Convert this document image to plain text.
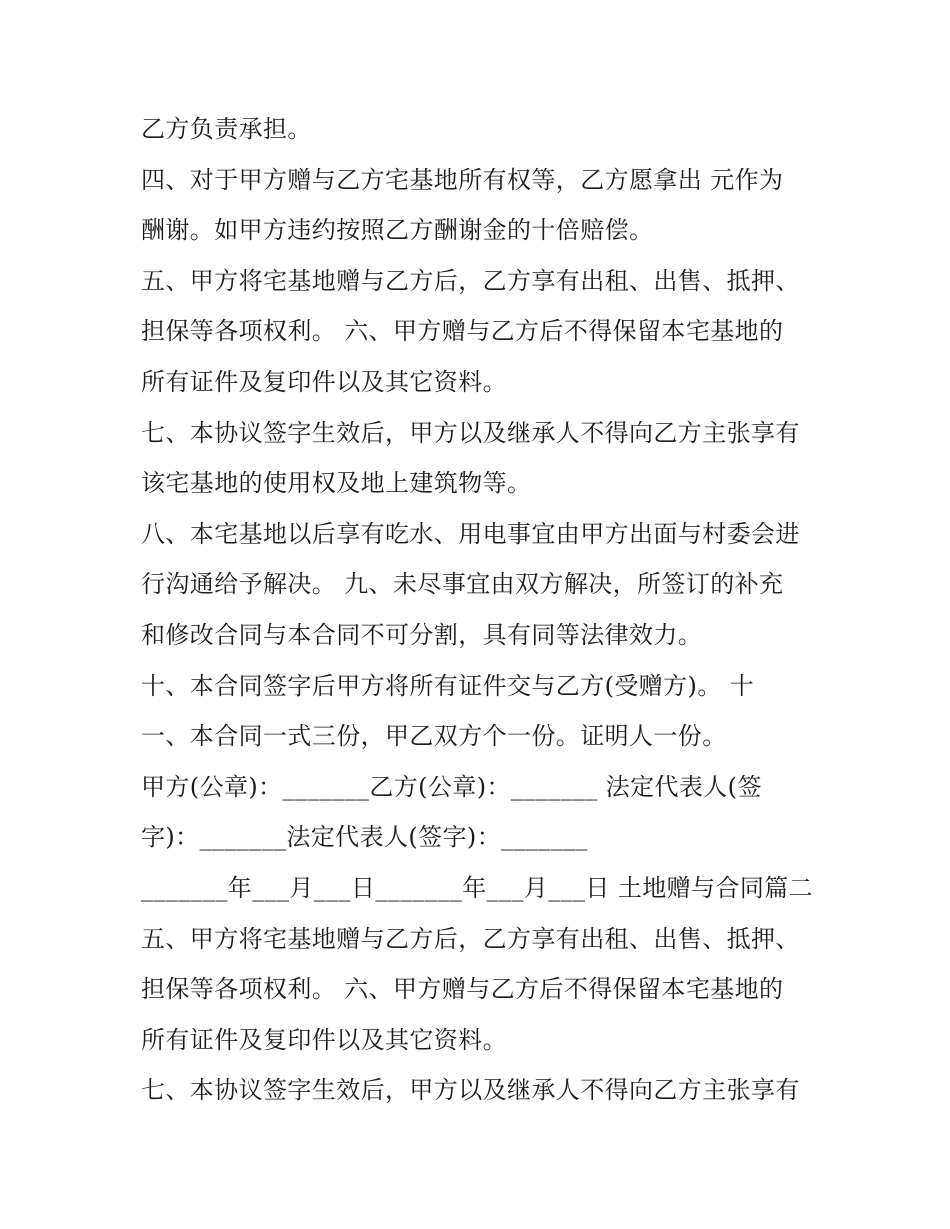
乙方负责承担。
四、对于甲方赠与乙方宅基地所有权等，乙方愿拿出 元作为
酬谢。如甲方违约按照乙方酬谢金的十倍赔偿。
五、甲方将宅基地赠与乙方后，乙方享有出租、出售、抵押、
担保等各项权利。 六、甲方赠与乙方后不得保留本宅基地的
所有证件及复印件以及其它资料。
七、本协议签字生效后，甲方以及继承人不得向乙方主张享有
该宅基地的使用权及地上建筑物等。
八、本宅基地以后享有吃水、用电事宜由甲方出面与村委会进
行沟通给予解决。 九、未尽事宜由双方解决，所签订的补充
和修改合同与本合同不可分割，具有同等法律效力。
十、本合同签字后甲方将所有证件交与乙方(受赠方)。 十
一、本合同一式三份，甲乙双方个一份。证明人一份。
甲方(公章)：_______乙方(公章)：_______ 法定代表人(签
字)：_______法定代表人(签字)：_______
_______年___月___日_______年___月___日 土地赠与合同篇二
五、甲方将宅基地赠与乙方后，乙方享有出租、出售、抵押、
担保等各项权利。 六、甲方赠与乙方后不得保留本宅基地的
所有证件及复印件以及其它资料。
七、本协议签字生效后，甲方以及继承人不得向乙方主张享有
